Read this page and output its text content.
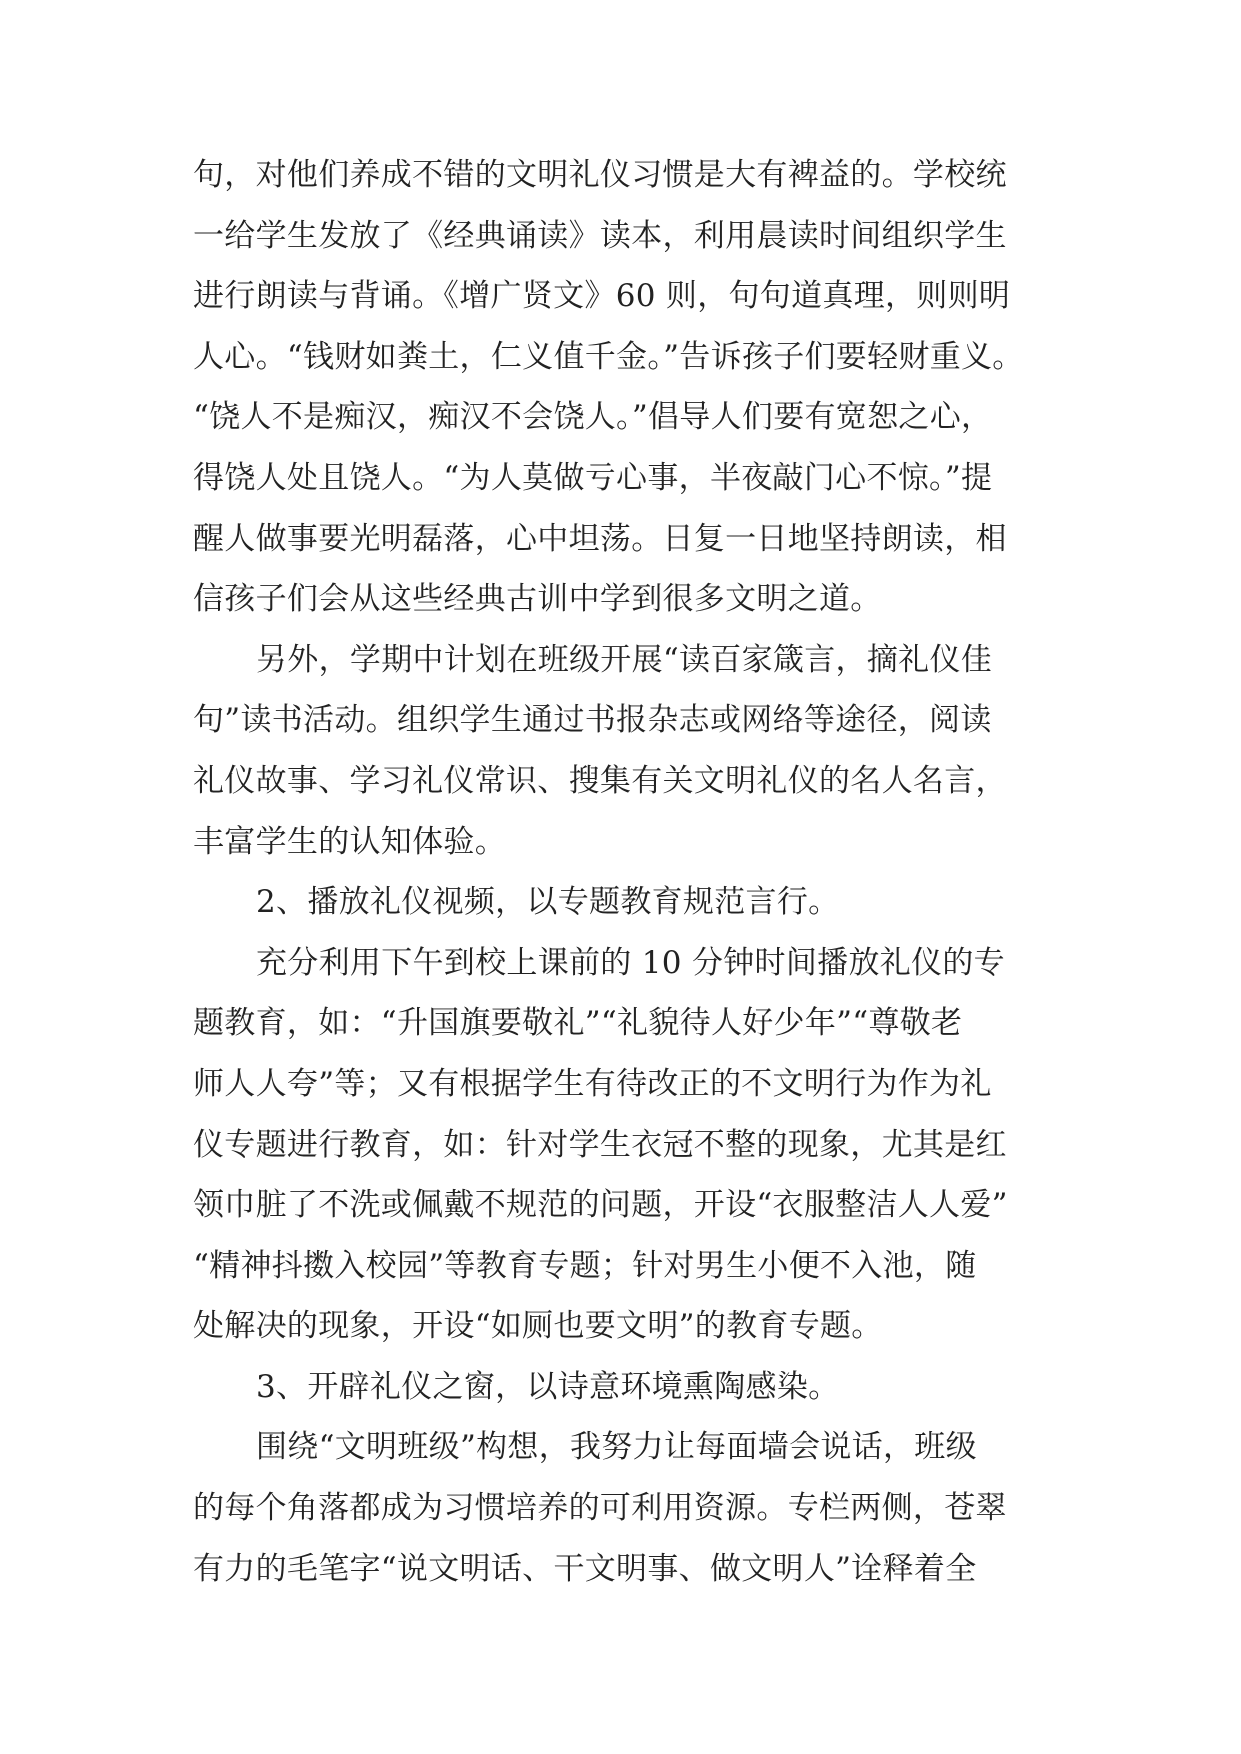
句，对他们养成不错的文明礼仪习惯是大有裨益的。学校统
一给学生发放了《经典诵读》读本，利用晨读时间组织学生
进行朗读与背诵。《增广贤文》60 则，句句道真理，则则明
人心。“钱财如粪土，仁义值千金。”告诉孩子们要轻财重义。
“饶人不是痴汉，痴汉不会饶人。”倡导人们要有宽恕之心，
得饶人处且饶人。“为人莫做亏心事，半夜敲门心不惊。”提
醒人做事要光明磊落，心中坦荡。日复一日地坚持朗读，相
信孩子们会从这些经典古训中学到很多文明之道。
另外，学期中计划在班级开展“读百家箴言，摘礼仪佳
句”读书活动。组织学生通过书报杂志或网络等途径，阅读
礼仪故事、学习礼仪常识、搜集有关文明礼仪的名人名言，
丰富学生的认知体验。
2、播放礼仪视频，以专题教育规范言行。
充分利用下午到校上课前的 10 分钟时间播放礼仪的专
题教育，如：“升国旗要敬礼”“礼貌待人好少年”“尊敬老
师人人夸”等；又有根据学生有待改正的不文明行为作为礼
仪专题进行教育，如：针对学生衣冠不整的现象，尤其是红
领巾脏了不洗或佩戴不规范的问题，开设“衣服整洁人人爱”
“精神抖擞入校园”等教育专题；针对男生小便不入池，随
处解决的现象，开设“如厕也要文明”的教育专题。
3、开辟礼仪之窗，以诗意环境熏陶感染。
围绕“文明班级”构想，我努力让每面墙会说话，班级
的每个角落都成为习惯培养的可利用资源。专栏两侧，苍翠
有力的毛笔字“说文明话、干文明事、做文明人”诠释着全
